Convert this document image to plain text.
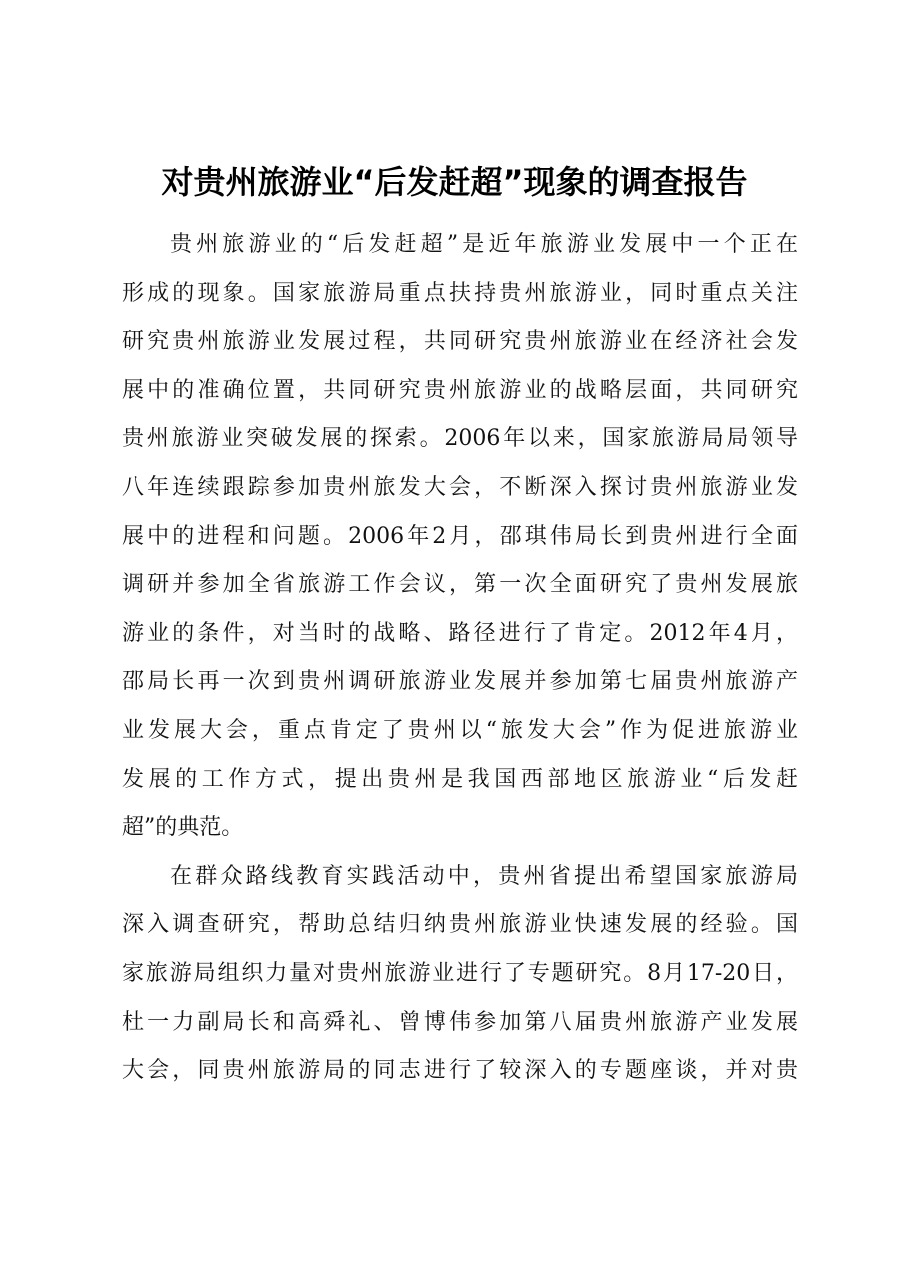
对贵州旅游业“后发赶超”现象的调查报告
贵州旅游业的“后发赶超”是近年旅游业发展中一个正在
形成的现象。国家旅游局重点扶持贵州旅游业，同时重点关注
研究贵州旅游业发展过程，共同研究贵州旅游业在经济社会发
展中的准确位置，共同研究贵州旅游业的战略层面，共同研究
贵州旅游业突破发展的探索。2006年以来，国家旅游局局领导
八年连续跟踪参加贵州旅发大会，不断深入探讨贵州旅游业发
展中的进程和问题。2006年2月，邵琪伟局长到贵州进行全面
调研并参加全省旅游工作会议，第一次全面研究了贵州发展旅
游业的条件，对当时的战略、路径进行了肯定。2012年4月，
邵局长再一次到贵州调研旅游业发展并参加第七届贵州旅游产
业发展大会，重点肯定了贵州以“旅发大会”作为促进旅游业
发展的工作方式，提出贵州是我国西部地区旅游业“后发赶
超”的典范。
在群众路线教育实践活动中，贵州省提出希望国家旅游局
深入调查研究，帮助总结归纳贵州旅游业快速发展的经验。国
家旅游局组织力量对贵州旅游业进行了专题研究。8月17-20日，
杜一力副局长和高舜礼、曾博伟参加第八届贵州旅游产业发展
大会，同贵州旅游局的同志进行了较深入的专题座谈，并对贵
